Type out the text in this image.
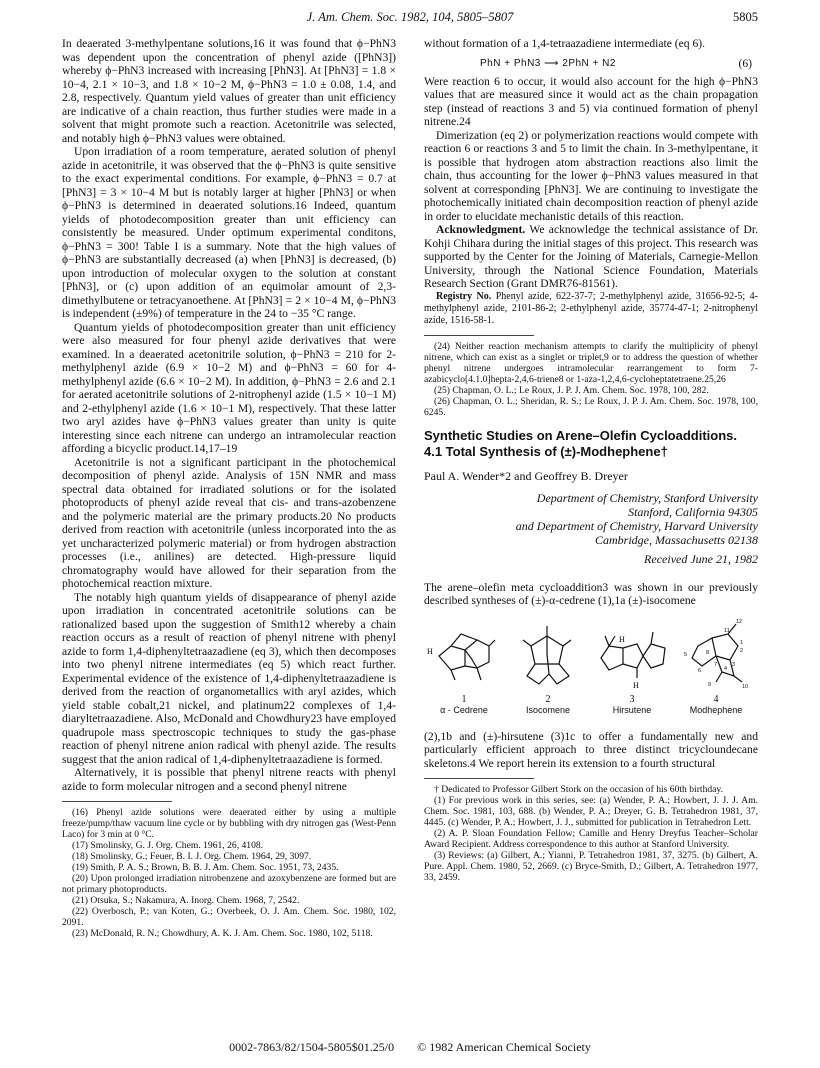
J. Am. Chem. Soc. 1982, 104, 5805–5807	5805

In deaerated 3-methylpentane solutions,16 it was found that ϕ−PhN3 was dependent upon the concentration of phenyl azide ([PhN3]) whereby ϕ−PhN3 increased with increasing [PhN3]. At [PhN3] = 1.8 × 10−4, 2.1 × 10−3, and 1.8 × 10−2 M, ϕ−PhN3 = 1.0 ± 0.08, 1.4, and 2.8, respectively. Quantum yield values of greater than unit efficiency are indicative of a chain reaction, thus further studies were made in a solvent that might promote such a reaction. Acetonitrile was selected, and notably high ϕ−PhN3 values were obtained.

Upon irradiation of a room temperature, aerated solution of phenyl azide in acetonitrile, it was observed that the ϕ−PhN3 is quite sensitive to the exact experimental conditions. For example, ϕ−PhN3 = 0.7 at [PhN3] = 3 × 10−4 M but is notably larger at higher [PhN3] or when ϕ−PhN3 is determined in deaerated solutions.16 Indeed, quantum yields of photodecomposition greater than unit efficiency can consistently be measured. Under optimum experimental conditons, ϕ−PhN3 = 300! Table I is a summary. Note that the high values of ϕ−PhN3 are substantially decreased (a) when [PhN3] is decreased, (b) upon introduction of molecular oxygen to the solution at constant [PhN3], or (c) upon addition of an equimolar amount of 2,3-dimethylbutene or tetracyanoethene. At [PhN3] = 2 × 10−4 M, ϕ−PhN3 is independent (±9%) of temperature in the 24 to −35 °C range.

Quantum yields of photodecomposition greater than unit efficiency were also measured for four phenyl azide derivatives that were examined. In a deaerated acetonitrile solution, ϕ−PhN3 = 210 for 2-methylphenyl azide (6.9 × 10−2 M) and ϕ−PhN3 = 60 for 4-methylphenyl azide (6.6 × 10−2 M). In addition, ϕ−PhN3 = 2.6 and 2.1 for aerated acetonitrile solutions of 2-nitrophenyl azide (1.5 × 10−1 M) and 2-ethylphenyl azide (1.6 × 10−1 M), respectively. That these latter two aryl azides have ϕ−PhN3 values greater than unity is quite interesting since each nitrene can undergo an intramolecular reaction affording a bicyclic product.14,17–19

Acetonitrile is not a significant participant in the photochemical decomposition of phenyl azide. Analysis of 15N NMR and mass spectral data obtained for irradiated solutions or for the isolated photoproducts of phenyl azide reveal that cis- and trans-azobenzene and the polymeric material are the primary products.20 No products derived from reaction with acetonitrile (unless incorporated into the as yet uncharacterized polymeric material) or from hydrogen abstraction processes (i.e., anilines) are detected. High-pressure liquid chromatography would have allowed for their separation from the photochemical reaction mixture.

The notably high quantum yields of disappearance of phenyl azide upon irradiation in concentrated acetonitrile solutions can be rationalized based upon the suggestion of Smith12 whereby a chain reaction occurs as a result of reaction of phenyl nitrene with phenyl azide to form 1,4-diphenyltetraazadiene (eq 3), which then decomposes into two phenyl nitrene intermediates (eq 5) which react further. Experimental evidence of the existence of 1,4-diphenyltetraazadiene is derived from the reaction of organometallics with aryl azides, which yield stable cobalt,21 nickel, and platinum22 complexes of 1,4-diaryltetraazadiene. Also, McDonald and Chowdhury23 have employed quadrupole mass spectroscopic techniques to study the gas-phase reaction of phenyl nitrene anion radical with phenyl azide. The results suggest that the anion radical of 1,4-diphenyltetraazadiene is formed.

Alternatively, it is possible that phenyl nitrene reacts with phenyl azide to form molecular nitrogen and a second phenyl nitrene

(16) Phenyl azide solutions were deaerated either by using a multiple freeze/pump/thaw vacuum line cycle or by bubbling with dry nitrogen gas (West-Penn Laco) for 3 min at 0 °C.

(17) Smolinsky, G. J. Org. Chem. 1961, 26, 4108.

(18) Smolinsky, G.; Feuer, B. I. J. Org. Chem. 1964, 29, 3097.

(19) Smith, P. A. S.; Brown, B. B. J. Am. Chem. Soc. 1951, 73, 2435.

(20) Upon prolonged irradiation nitrobenzene and azoxybenzene are formed but are not primary photoproducts.

(21) Otsuka, S.; Nakamura, A. Inorg. Chem. 1968, 7, 2542.

(22) Overbosch, P.; van Koten, G.; Overbeek, O. J. Am. Chem. Soc. 1980, 102, 2091.

(23) McDonald, R. N.; Chowdhury, A. K. J. Am. Chem. Soc. 1980, 102, 5118.

without formation of a 1,4-tetraazadiene intermediate (eq 6).

PhN + PhN3 ⟶ 2PhN + N2	(6)

Were reaction 6 to occur, it would also account for the high ϕ−PhN3 values that are measured since it would act as the chain propagation step (instead of reactions 3 and 5) via continued formation of phenyl nitrene.24

Dimerization (eq 2) or polymerization reactions would compete with reaction 6 or reactions 3 and 5 to limit the chain. In 3-methylpentane, it is possible that hydrogen atom abstraction reactions also limit the chain, thus accounting for the lower ϕ−PhN3 values measured in that solvent at corresponding [PhN3]. We are continuing to investigate the photochemically initiated chain decomposition reaction of phenyl azide in order to elucidate mechanistic details of this reaction.

Acknowledgment. We acknowledge the technical assistance of Dr. Kohji Chihara during the initial stages of this project. This research was supported by the Center for the Joining of Materials, Carnegie-Mellon University, through the National Science Foundation, Materials Research Section (Grant DMR76-81561).

Registry No. Phenyl azide, 622-37-7; 2-methylphenyl azide, 31656-92-5; 4-methylphenyl azide, 2101-86-2; 2-ethylphenyl azide, 35774-47-1; 2-nitrophenyl azide, 1516-58-1.

(24) Neither reaction mechanism attempts to clarify the multiplicity of phenyl nitrene, which can exist as a singlet or triplet,9 or to address the question of whether phenyl nitrene undergoes intramolecular rearrangement to form 7-azabicyclo[4.1.0]hepta-2,4,6-triene8 or 1-aza-1,2,4,6-cycloheptatetraene.25,26

(25) Chapman, O. L.; Le Roux, J. P. J. Am. Chem. Soc. 1978, 100, 282.

(26) Chapman, O. L.; Sheridan, R. S.; Le Roux, J. P. J. Am. Chem. Soc. 1978, 100, 6245.

Synthetic Studies on Arene–Olefin Cycloadditions. 4.1 Total Synthesis of (±)-Modhephene†
Paul A. Wender*2 and Geoffrey B. Dreyer
Department of Chemistry, Stanford University
Stanford, California 94305
and Department of Chemistry, Harvard University
Cambridge, Massachusetts 02138
Received June 21, 1982

The arene–olefin meta cycloaddition3 was shown in our previously described syntheses of (±)-α-cedrene (1),1a (±)-isocomene

H
1
α - Cedrene
2
Isocomene
H
H
3
Hirsutene
12
11
1
2
3
4
5
6
7
8
9	10
4
Modhephene

(2),1b and (±)-hirsutene (3)1c to offer a fundamentally new and particularly efficient approach to three distinct tricycloundecane skeletons.4 We report herein its extension to a fourth structural

† Dedicated to Professor Gilbert Stork on the occasion of his 60th birthday.

(1) For previous work in this series, see: (a) Wender, P. A.; Howbert, J. J. J. Am. Chem. Soc. 1981, 103, 688. (b) Wender, P. A.; Dreyer, G. B. Tetrahedron 1981, 37, 4445. (c) Wender, P. A.; Howbert, J. J., submitted for publication in Tetrahedron Lett.

(2) A. P. Sloan Foundation Fellow; Camille and Henry Dreyfus Teacher–Scholar Award Recipient. Address correspondence to this author at Stanford University.

(3) Reviews: (a) Gilbert, A.; Yianni, P. Tetrahedron 1981, 37, 3275. (b) Gilbert, A. Pure. Appl. Chem. 1980, 52, 2669. (c) Bryce-Smith, D.; Gilbert, A. Tetrahedron 1977, 33, 2459.

0002-7863/82/1504-5805$01.25/0 © 1982 American Chemical Society
